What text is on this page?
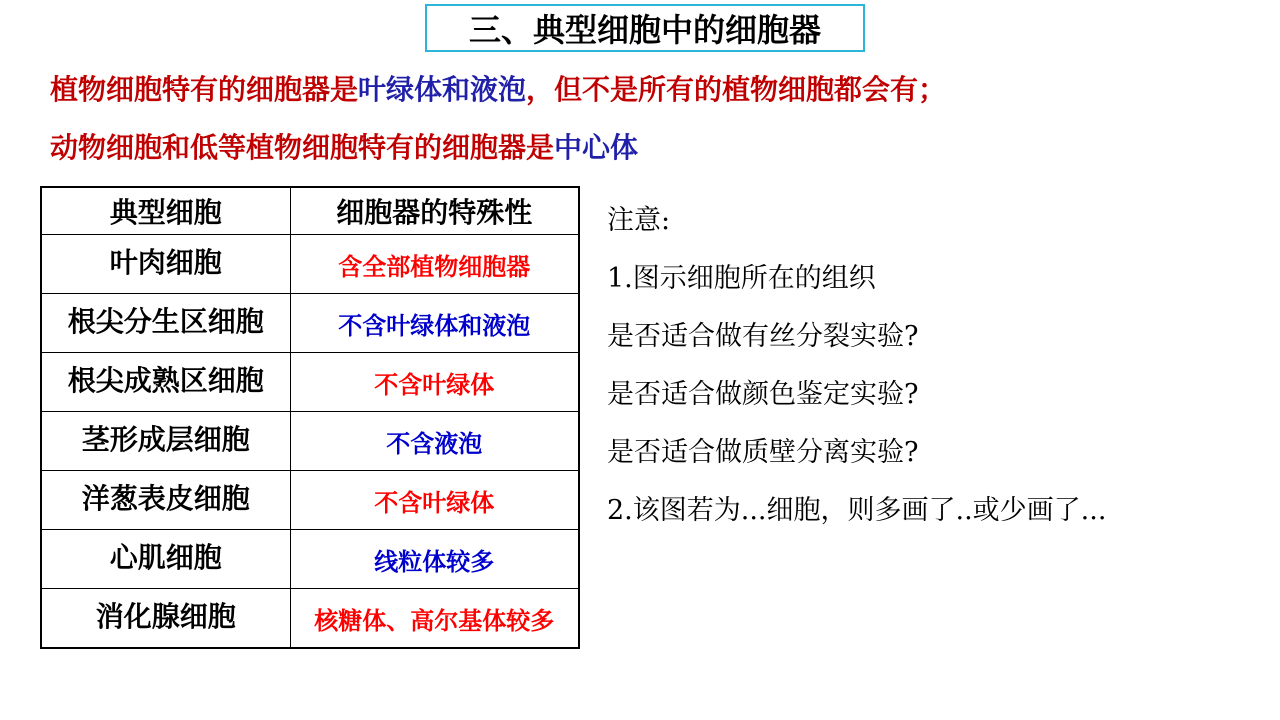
三、典型细胞中的细胞器
植物细胞特有的细胞器是叶绿体和液泡，但不是所有的植物细胞都会有；
动物细胞和低等植物细胞特有的细胞器是中心体
典型细胞	细胞器的特殊性
叶肉细胞	含全部植物细胞器
根尖分生区细胞	不含叶绿体和液泡
根尖成熟区细胞	不含叶绿体
茎形成层细胞	不含液泡
洋葱表皮细胞	不含叶绿体
心肌细胞	线粒体较多
消化腺细胞	核糖体、高尔基体较多
注意:
1.图示细胞所在的组织
是否适合做有丝分裂实验?
是否适合做颜色鉴定实验?
是否适合做质壁分离实验?
2.该图若为...细胞，则多画了..或少画了...
